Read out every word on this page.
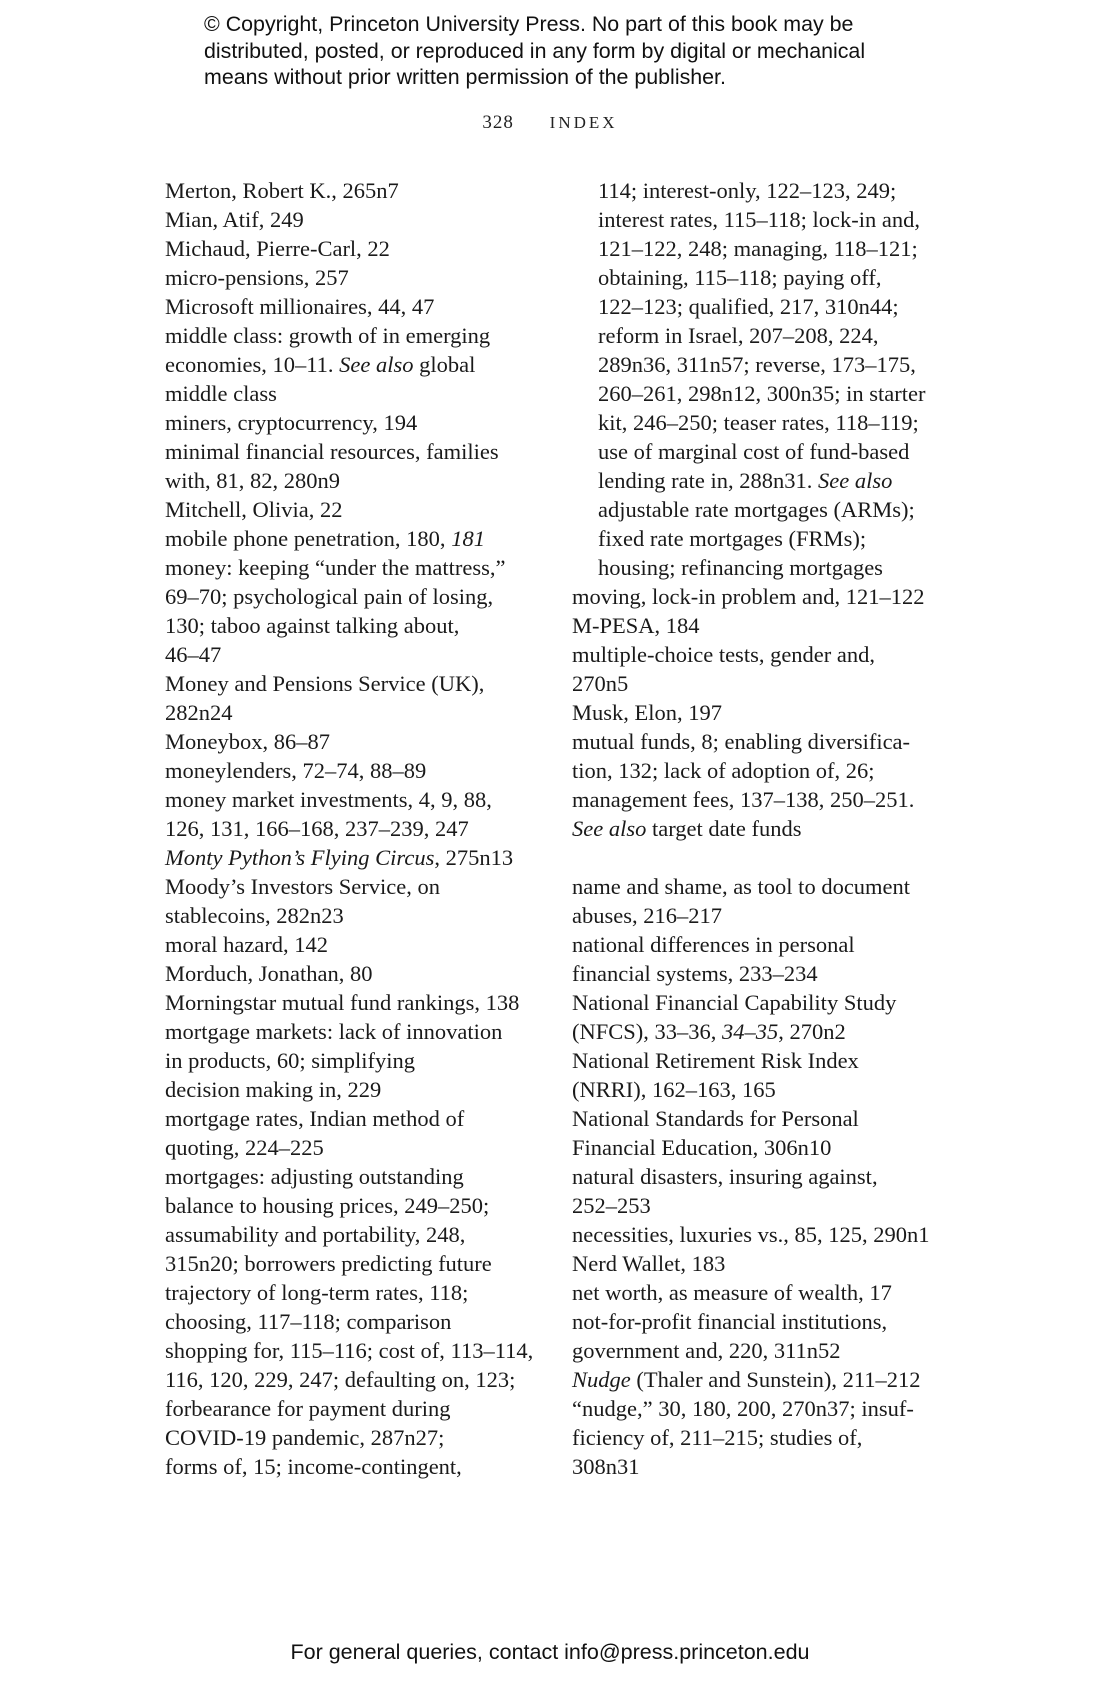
© Copyright, Princeton University Press. No part of this book may be
distributed, posted, or reproduced in any form by digital or mechanical
means without prior written permission of the publisher.
328 INDEX
Merton, Robert K., 265n7
Mian, Atif, 249
Michaud, Pierre-Carl, 22
micro-pensions, 257
Microsoft millionaires, 44, 47
middle class: growth of in emerging
economies, 10–11. See also global
middle class
miners, cryptocurrency, 194
minimal financial resources, families
with, 81, 82, 280n9
Mitchell, Olivia, 22
mobile phone penetration, 180, 181
money: keeping “under the mattress,”
69–70; psychological pain of losing,
130; taboo against talking about,
46–47
Money and Pensions Service (UK),
282n24
Moneybox, 86–87
moneylenders, 72–74, 88–89
money market investments, 4, 9, 88,
126, 131, 166–168, 237–239, 247
Monty Python’s Flying Circus, 275n13
Moody’s Investors Service, on
stablecoins, 282n23
moral hazard, 142
Morduch, Jonathan, 80
Morningstar mutual fund rankings, 138
mortgage markets: lack of innovation
in products, 60; simplifying
decision making in, 229
mortgage rates, Indian method of
quoting, 224–225
mortgages: adjusting outstanding
balance to housing prices, 249–250;
assumability and portability, 248,
315n20; borrowers predicting future
trajectory of long-term rates, 118;
choosing, 117–118; comparison
shopping for, 115–116; cost of, 113–114,
116, 120, 229, 247; defaulting on, 123;
forbearance for payment during
COVID-19 pandemic, 287n27;
forms of, 15; income-contingent,
114; interest-only, 122–123, 249;
interest rates, 115–118; lock-in and,
121–122, 248; managing, 118–121;
obtaining, 115–118; paying off,
122–123; qualified, 217, 310n44;
reform in Israel, 207–208, 224,
289n36, 311n57; reverse, 173–175,
260–261, 298n12, 300n35; in starter
kit, 246–250; teaser rates, 118–119;
use of marginal cost of fund-based
lending rate in, 288n31. See also
adjustable rate mortgages (ARMs);
fixed rate mortgages (FRMs);
housing; refinancing mortgages
moving, lock-in problem and, 121–122
M-PESA, 184
multiple-choice tests, gender and,
270n5
Musk, Elon, 197
mutual funds, 8; enabling diversifica-
tion, 132; lack of adoption of, 26;
management fees, 137–138, 250–251.
See also target date funds
name and shame, as tool to document
abuses, 216–217
national differences in personal
financial systems, 233–234
National Financial Capability Study
(NFCS), 33–36, 34–35, 270n2
National Retirement Risk Index
(NRRI), 162–163, 165
National Standards for Personal
Financial Education, 306n10
natural disasters, insuring against,
252–253
necessities, luxuries vs., 85, 125, 290n1
Nerd Wallet, 183
net worth, as measure of wealth, 17
not-for-profit financial institutions,
government and, 220, 311n52
Nudge (Thaler and Sunstein), 211–212
“nudge,” 30, 180, 200, 270n37; insuf-
ficiency of, 211–215; studies of,
308n31
For general queries, contact info@press.princeton.edu
